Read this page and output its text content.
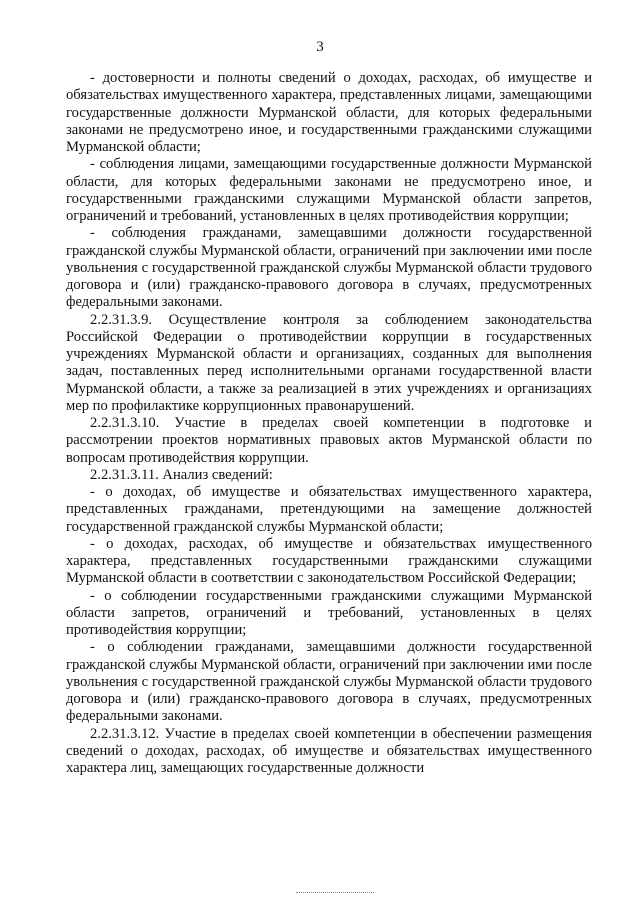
3

- достоверности и полноты сведений о доходах, расходах, об имуществе и обязательствах имущественного характера, представленных лицами, замещающими государственные должности Мурманской области, для которых федеральными законами не предусмотрено иное, и государственными гражданскими служащими Мурманской области;

- соблюдения лицами, замещающими государственные должности Мурманской области, для которых федеральными законами не предусмотрено иное, и государственными гражданскими служащими Мурманской области запретов, ограничений и требований, установленных в целях противодействия коррупции;

- соблюдения гражданами, замещавшими должности государственной гражданской службы Мурманской области, ограничений при заключении ими после увольнения с государственной гражданской службы Мурманской области трудового договора и (или) гражданско-правового договора в случаях, предусмотренных федеральными законами.

2.2.31.3.9. Осуществление контроля за соблюдением законодательства Российской Федерации о противодействии коррупции в государственных учреждениях Мурманской области и организациях, созданных для выполнения задач, поставленных перед исполнительными органами государственной власти Мурманской области, а также за реализацией в этих учреждениях и организациях мер по профилактике коррупционных правонарушений.

2.2.31.3.10. Участие в пределах своей компетенции в подготовке и рассмотрении проектов нормативных правовых актов Мурманской области по вопросам противодействия коррупции.

2.2.31.3.11. Анализ сведений:

- о доходах, об имуществе и обязательствах имущественного характера, представленных гражданами, претендующими на замещение должностей государственной гражданской службы Мурманской области;

- о доходах, расходах, об имуществе и обязательствах имущественного характера, представленных государственными гражданскими служащими Мурманской области в соответствии с законодательством Российской Федерации;

- о соблюдении государственными гражданскими служащими Мурманской области запретов, ограничений и требований, установленных в целях противодействия коррупции;

- о соблюдении гражданами, замещавшими должности государственной гражданской службы Мурманской области, ограничений при заключении ими после увольнения с государственной гражданской службы Мурманской области трудового договора и (или) гражданско-правового договора в случаях, предусмотренных федеральными законами.

2.2.31.3.12. Участие в пределах своей компетенции в обеспечении размещения сведений о доходах, расходах, об имуществе и обязательствах имущественного характера лиц, замещающих государственные должности
